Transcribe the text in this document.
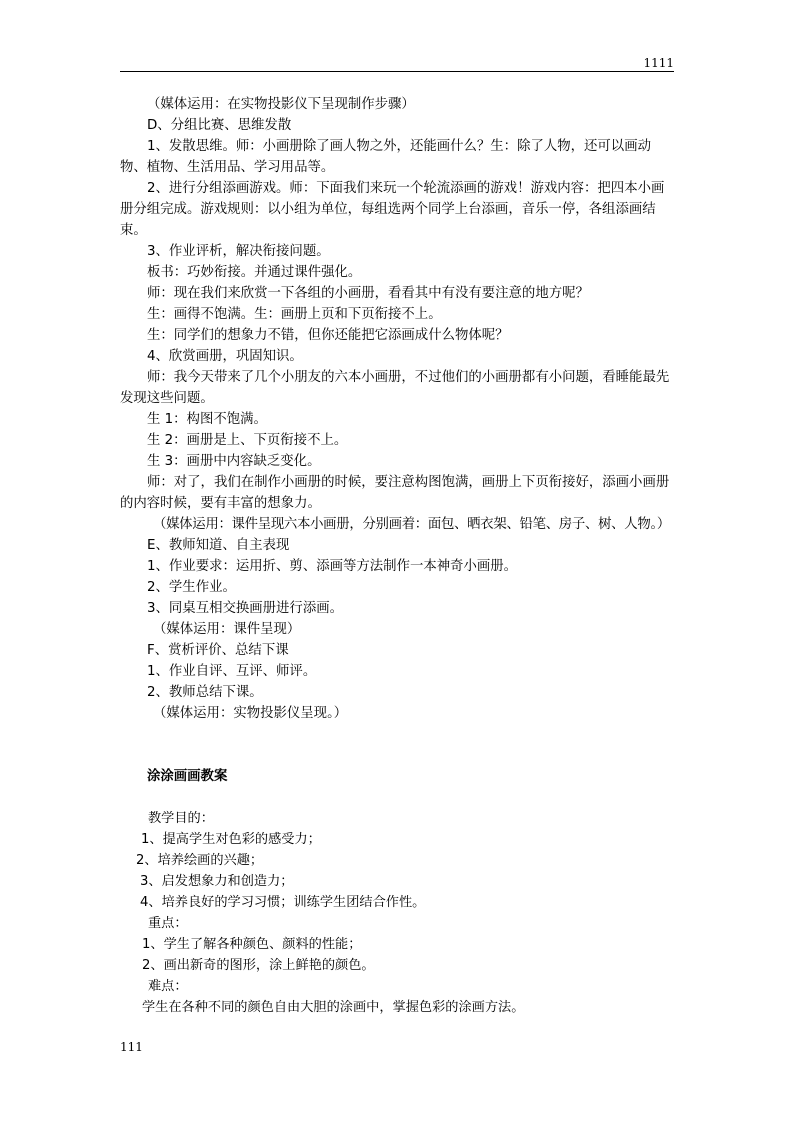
1111

（媒体运用：在实物投影仪下呈现制作步骤）

D、分组比赛、思维发散

1、发散思维。师：小画册除了画人物之外，还能画什么？生：除了人物，还可以画动物、植物、生活用品、学习用品等。

2、进行分组添画游戏。师：下面我们来玩一个轮流添画的游戏！游戏内容：把四本小画册分组完成。游戏规则：以小组为单位，每组选两个同学上台添画，音乐一停，各组添画结束。

3、作业评析，解决衔接问题。

板书：巧妙衔接。并通过课件强化。

师：现在我们来欣赏一下各组的小画册，看看其中有没有要注意的地方呢？

生：画得不饱满。生：画册上页和下页衔接不上。

生：同学们的想象力不错，但你还能把它添画成什么物体呢？

4、欣赏画册，巩固知识。

师：我今天带来了几个小朋友的六本小画册，不过他们的小画册都有小问题，看睡能最先发现这些问题。

生 1：构图不饱满。

生 2：画册是上、下页衔接不上。

生 3：画册中内容缺乏变化。

师：对了，我们在制作小画册的时候，要注意构图饱满，画册上下页衔接好，添画小画册的内容时候，要有丰富的想象力。

（媒体运用：课件呈现六本小画册，分别画着：面包、晒衣架、铅笔、房子、树、人物。）

E、教师知道、自主表现

1、作业要求：运用折、剪、添画等方法制作一本神奇小画册。

2、学生作业。

3、同桌互相交换画册进行添画。

（媒体运用：课件呈现）

F、赏析评价、总结下课

1、作业自评、互评、师评。

2、教师总结下课。

（媒体运用：实物投影仪呈现。）

涂涂画画教案

教学目的：

1、提高学生对色彩的感受力；

2、培养绘画的兴趣；

3、启发想象力和创造力；

4、培养良好的学习习惯；训练学生团结合作性。

重点：

1、学生了解各种颜色、颜料的性能；

2、画出新奇的图形，涂上鲜艳的颜色。

难点：

学生在各种不同的颜色自由大胆的涂画中，掌握色彩的涂画方法。

111
